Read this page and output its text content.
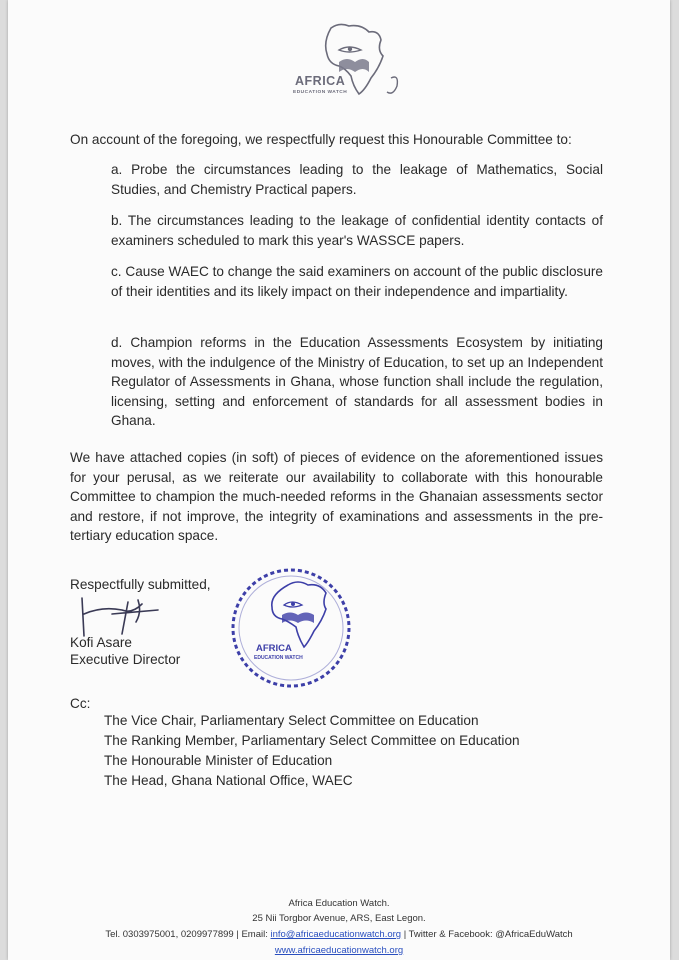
AFRICA
EDUCATION WATCH
On account of the foregoing, we respectfully request this Honourable Committee to:
a. Probe the circumstances leading to the leakage of Mathematics, Social Studies, and Chemistry Practical papers.
b. The circumstances leading to the leakage of confidential identity contacts of examiners scheduled to mark this year's WASSCE papers.
c. Cause WAEC to change the said examiners on account of the public disclosure of their identities and its likely impact on their independence and impartiality.
d. Champion reforms in the Education Assessments Ecosystem by initiating moves, with the indulgence of the Ministry of Education, to set up an Independent Regulator of Assessments in Ghana, whose function shall include the regulation, licensing, setting and enforcement of standards for all assessment bodies in Ghana.
We have attached copies (in soft) of pieces of evidence on the aforementioned issues for your perusal, as we reiterate our availability to collaborate with this honourable Committee to champion the much-needed reforms in the Ghanaian assessments sector and restore, if not improve, the integrity of examinations and assessments in the pre-tertiary education space.
Respectfully submitted,
Kofi Asare
Executive Director
AFRICA
EDUCATION WATCH
Cc:
The Vice Chair, Parliamentary Select Committee on Education
The Ranking Member, Parliamentary Select Committee on Education
The Honourable Minister of Education
The Head, Ghana National Office, WAEC
Africa Education Watch.
25 Nii Torgbor Avenue, ARS, East Legon.
Tel. 0303975001, 0209977899 | Email: info@africaeducationwatch.org | Twitter & Facebook: @AfricaEduWatch
www.africaeducationwatch.org
